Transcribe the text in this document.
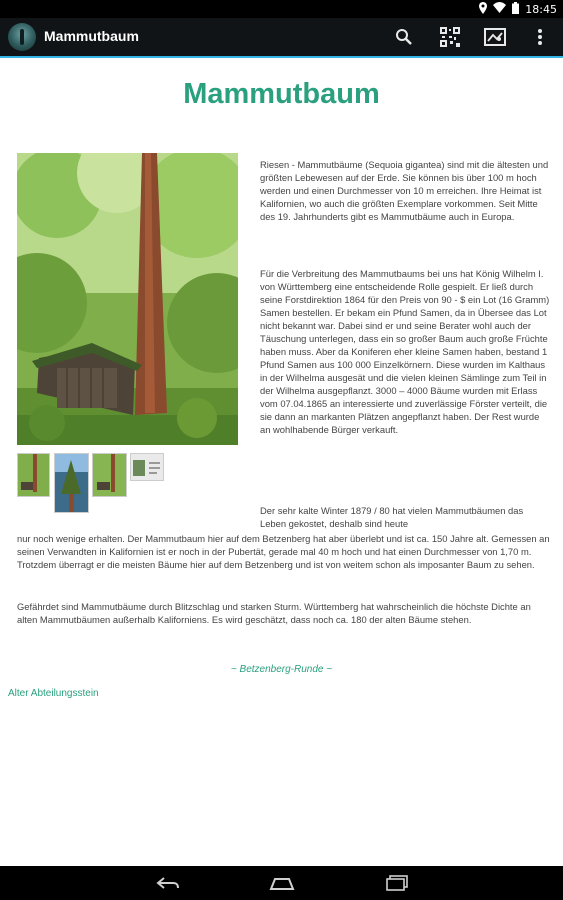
18:45
Mammutbaum
Mammutbaum
Riesen - Mammutbäume (Sequoia gigantea) sind mit die ältesten und größten Lebewesen auf der Erde. Sie können bis über 100 m hoch werden und einen Durchmesser von 10 m erreichen. Ihre Heimat ist Kalifornien, wo auch die größten Exemplare vorkommen. Seit Mitte des 19. Jahrhunderts gibt es Mammutbäume auch in Europa.
Für die Verbreitung des Mammutbaums bei uns hat König Wilhelm I. von Württemberg eine entscheidende Rolle gespielt. Er ließ durch seine Forstdirektion 1864 für den Preis von 90 - $ ein Lot (16 Gramm) Samen bestellen. Er bekam ein Pfund Samen, da in Übersee das Lot nicht bekannt war. Dabei sind er und seine Berater wohl auch der Täuschung unterlegen, dass ein so großer Baum auch große Früchte haben muss. Aber da Koniferen eher kleine Samen haben, bestand 1 Pfund Samen aus 100 000 Einzelkörnern. Diese wurden im Kalthaus in der Wilhelma ausgesät und die vielen kleinen Sämlinge zum Teil in der Wilhelma ausgepflanzt. 3000 – 4000 Bäume wurden mit Erlass vom 07.04.1865 an interessierte und zuverlässige Förster verteilt, die sie dann an markanten Plätzen angepflanzt haben. Der Rest wurde an wohlhabende Bürger verkauft.
Der sehr kalte Winter 1879 / 80 hat vielen Mammutbäumen das Leben gekostet, deshalb sind heute
nur noch wenige erhalten. Der Mammutbaum hier auf dem Betzenberg hat aber überlebt und ist ca. 150 Jahre alt. Gemessen an seinen Verwandten in Kalifornien ist er noch in der Pubertät, gerade mal 40 m hoch und hat einen Durchmesser von 1,70 m. Trotzdem überragt er die meisten Bäume hier auf dem Betzenberg und ist von weitem schon als imposanter Baum zu sehen.
Gefährdet sind Mammutbäume durch Blitzschlag und starken Sturm. Württemberg hat wahrscheinlich die höchste Dichte an alten Mammutbäumen außerhalb Kaliforniens. Es wird geschätzt, dass noch ca. 180 der alten Bäume stehen.
~ Betzenberg-Runde ~
Alter Abteilungsstein
